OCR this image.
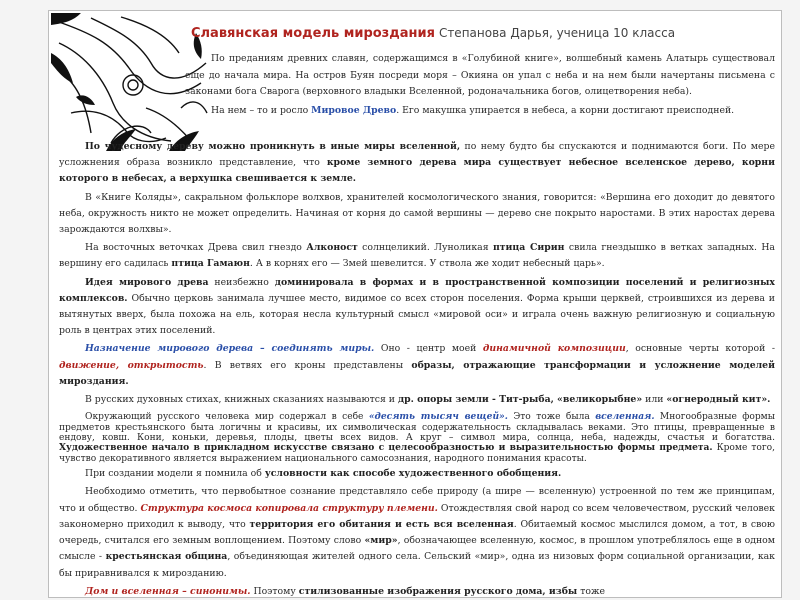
Славянская модель мироздания Степанова Дарья, ученица 10 класса

По преданиям древних славян, содержащимся в «Голубиной книге», волшебный камень Алатырь существовал еще до начала мира. На остров Буян посреди моря – Окияна он упал с неба и на нем были начертаны письмена с законами бога Сварога (верховного владыки Вселенной, родоначальника богов, олицетворения неба).

На нем – то и росло Мировое Древо. Его макушка упирается в небеса, а корни достигают преисподней.

По чудесному дереву можно проникнуть в иные миры вселенной, по нему будто бы спускаются и поднимаются боги. По мере усложнения образа возникло представление, что кроме земного дерева мира существует небесное вселенское дерево, корни которого в небесах, а верхушка свешивается к земле.

В «Книге Коляды», сакральном фольклоре волхвов, хранителей космологического знания, говорится: «Вершина его доходит до девятого неба, окружность никто не может определить. Начиная от корня до самой вершины — дерево сне покрыто наростами. В этих наростах дерева зарождаются волхвы».

На восточных веточках Древа свил гнездо Алконост солнцеликий. Луноликая птица Сирин свила гнездышко в ветках западных. На вершину его садилась птица Гамаюн. А в корнях его — Змей шевелится. У ствола же ходит небесный царь».

Идея мирового древа неизбежно доминировала в формах и в пространственной композиции поселений и религиозных комплексов. Обычно церковь занимала лучшее место, видимое со всех сторон поселения. Форма крыши церквей, строившихся из дерева и вытянутых вверх, была похожа на ель, которая несла культурный смысл «мировой оси» и играла очень важную религиозную и социальную роль в центрах этих поселений.

Назначение мирового дерева – соединять миры. Оно - центр моей динамичной композиции, основные черты которой - движение, открытость. В ветвях его кроны представлены образы, отражающие трансформации и усложнение моделей мироздания.

В русских духовных стихах, книжных сказаниях называются и др. опоры земли - Тит-рыба, «великорыбне» или «огнеродный кит».

Окружающий русского человека мир содержал в себе «десять тысяч вещей». Это тоже была вселенная. Многообразные формы предметов крестьянского быта логичны и красивы, их символическая содержательность складывалась веками. Это птицы, превращенные в ендову, ковш. Кони, коньки, деревья, плоды, цветы всех видов. А круг – символ мира, солнца, неба, надежды, счастья и богатства. Художественное начало в прикладном искусстве связано с целесообразностью и выразительностью формы предмета. Кроме того, чувство декоративного является выражением национального самосознания, народного понимания красоты.

При создании модели я помнила об условности как способе художественного обобщения.

Необходимо отметить, что первобытное сознание представляло себе природу (а шире — вселенную) устроенной по тем же принципам, что и общество. Структура космоса копировала структуру племени. Отождествляя свой народ со всем человечеством, русский человек закономерно приходил к выводу, что территория его обитания и есть вся вселенная. Обитаемый космос мыслился домом, а тот, в свою очередь, считался его земным воплощением. Поэтому слово «мир», обозначающее вселенную, космос, в прошлом употреблялось еще в одном смысле - крестьянская община, объединяющая жителей одного села. Сельский «мир», одна из низовых форм социальной организации, как бы приравнивался к мирозданию.

Дом и вселенная – синонимы. Поэтому стилизованные изображения русского дома, избы тоже
